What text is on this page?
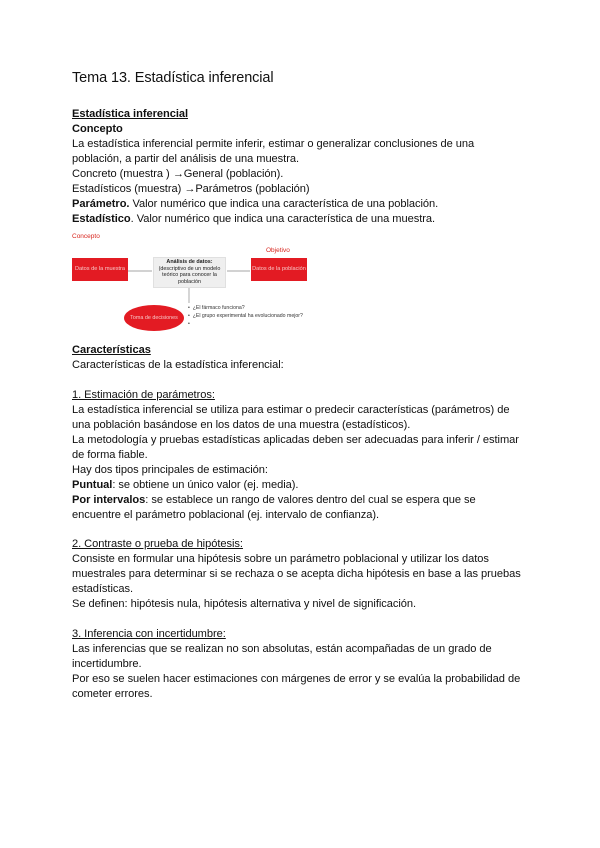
Tema 13. Estadística inferencial

Estadística inferencial

Concepto

La estadística inferencial permite inferir, estimar o generalizar conclusiones de una

población, a partir del análisis de una muestra.

Concreto (muestra ) →General (población).

Estadísticos (muestra) →Parámetros (población)

Parámetro. Valor numérico que indica una característica de una población.

Estadístico. Valor numérico que indica una característica de una muestra.

Concepto
Objetivo
Datos de la muestra
Análisis de datos:
(descriptivo de un modelo teórico para conocer la población
Datos de la población
Toma de decisiones
•  ¿El fármaco funciona?
•  ¿El grupo experimental ha evolucionado mejor?
•

Características

Características de la estadística inferencial:

1. Estimación de parámetros:

La estadística inferencial se utiliza para estimar o predecir características (parámetros) de

una población basándose en los datos de una muestra (estadísticos).

La metodología y pruebas estadísticas aplicadas deben ser adecuadas para inferir / estimar

de forma fiable.

Hay dos tipos principales de estimación:

Puntual: se obtiene un único valor (ej. media).

Por intervalos: se establece un rango de valores dentro del cual se espera que se

encuentre el parámetro poblacional (ej. intervalo de confianza).

2. Contraste o prueba de hipótesis:

Consiste en formular una hipótesis sobre un parámetro poblacional y utilizar los datos

muestrales para determinar si se rechaza o se acepta dicha hipótesis en base a las pruebas

estadísticas.

Se definen: hipótesis nula, hipótesis alternativa y nivel de significación.

3. Inferencia con incertidumbre:

Las inferencias que se realizan no son absolutas, están acompañadas de un grado de

incertidumbre.

Por eso se suelen hacer estimaciones con márgenes de error y se evalúa la probabilidad de

cometer errores.
